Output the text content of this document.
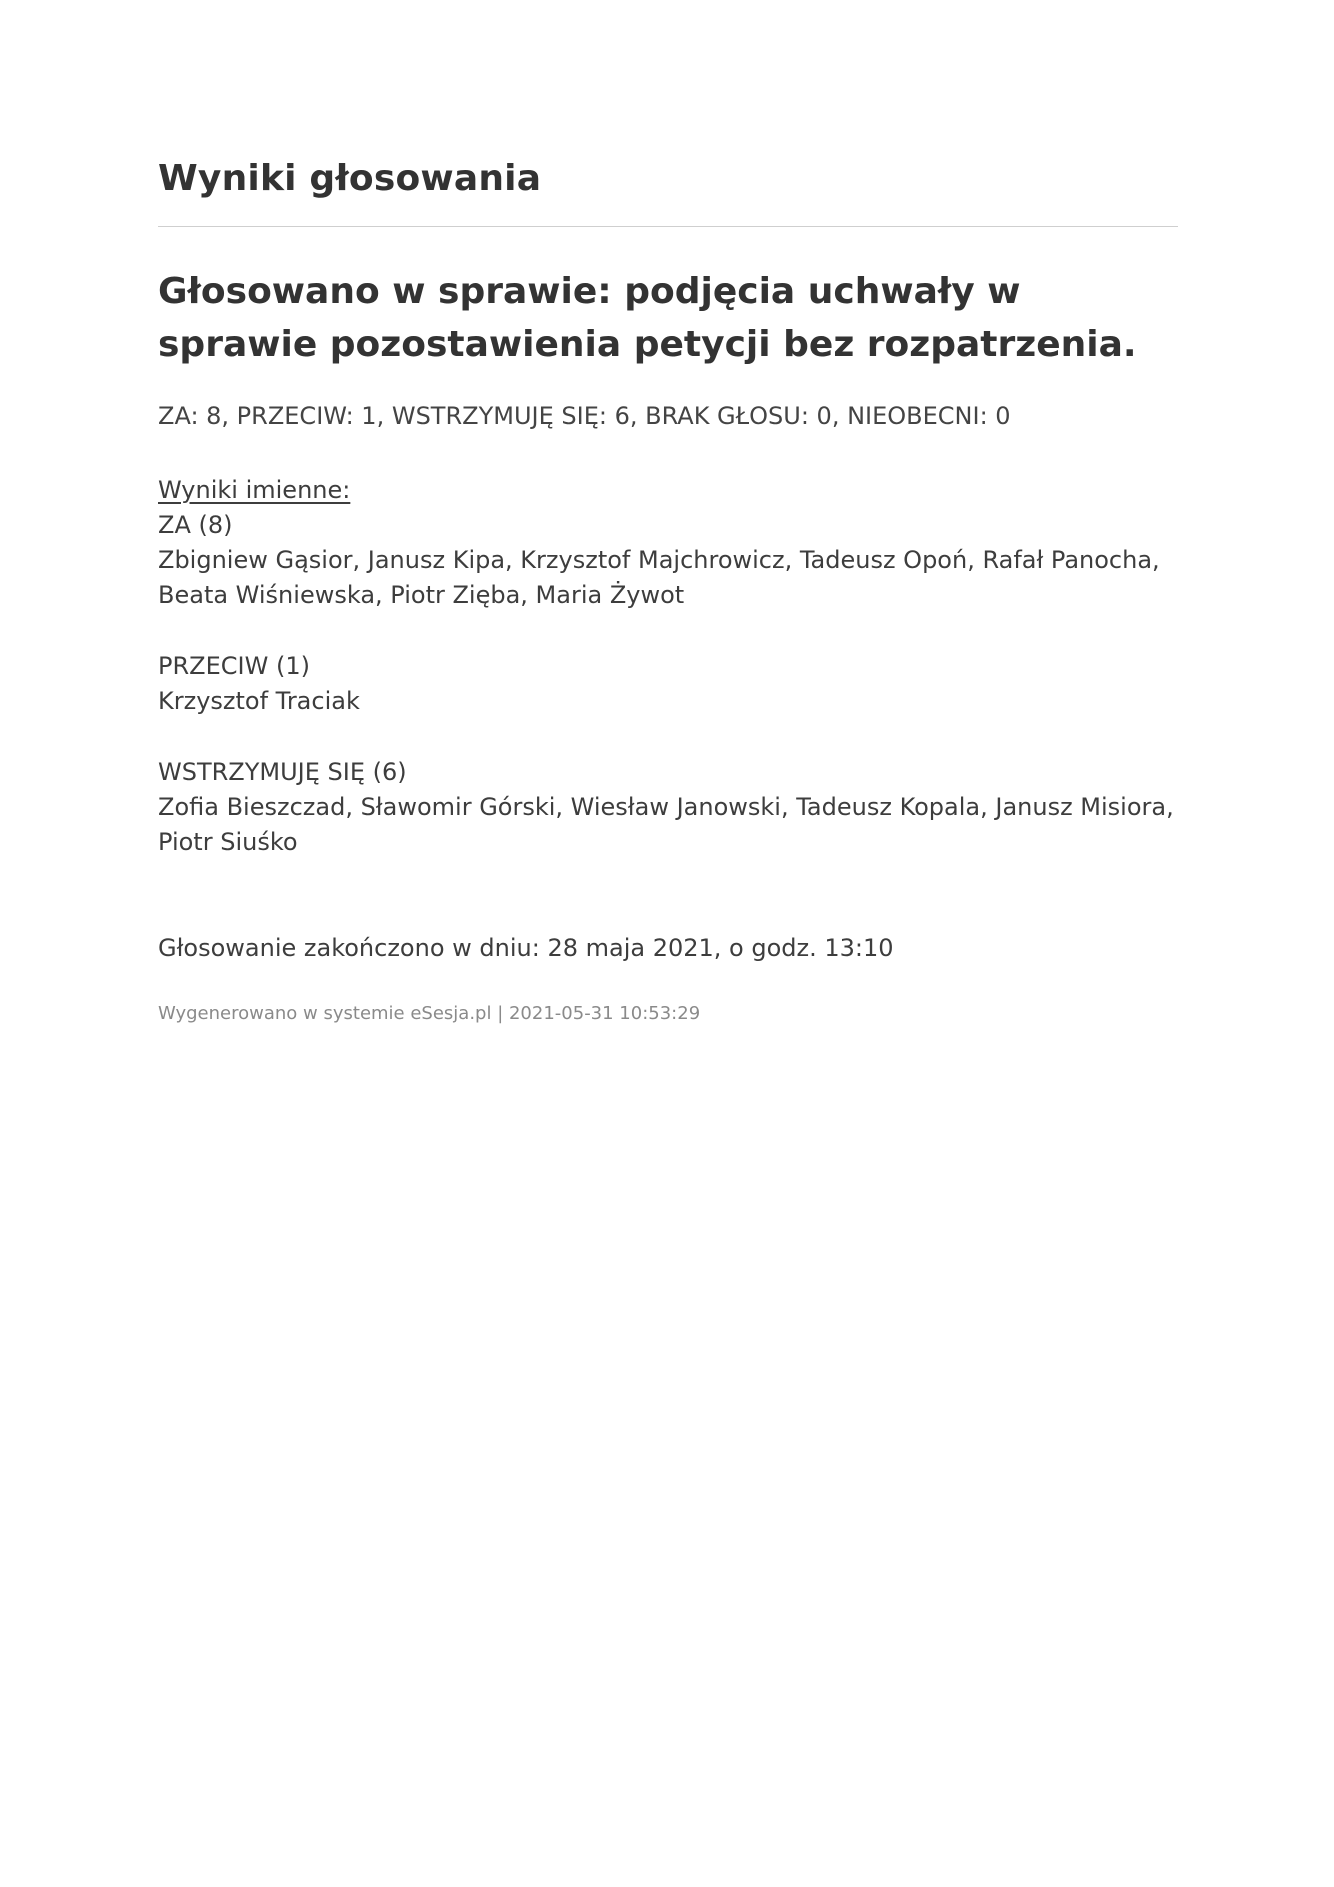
Wyniki głosowania
Głosowano w sprawie: podjęcia uchwały w sprawie pozostawienia petycji bez rozpatrzenia.

ZA: 8, PRZECIW: 1, WSTRZYMUJĘ SIĘ: 6, BRAK GŁOSU: 0, NIEOBECNI: 0

Wyniki imienne:
ZA (8)
Zbigniew Gąsior, Janusz Kipa, Krzysztof Majchrowicz, Tadeusz Opoń, Rafał Panocha, Beata Wiśniewska, Piotr Zięba, Maria Żywot
PRZECIW (1)
Krzysztof Traciak
WSTRZYMUJĘ SIĘ (6)
Zofia Bieszczad, Sławomir Górski, Wiesław Janowski, Tadeusz Kopala, Janusz Misiora, Piotr Siuśko

Głosowanie zakończono w dniu: 28 maja 2021, o godz. 13:10

Wygenerowano w systemie eSesja.pl | 2021-05-31 10:53:29
